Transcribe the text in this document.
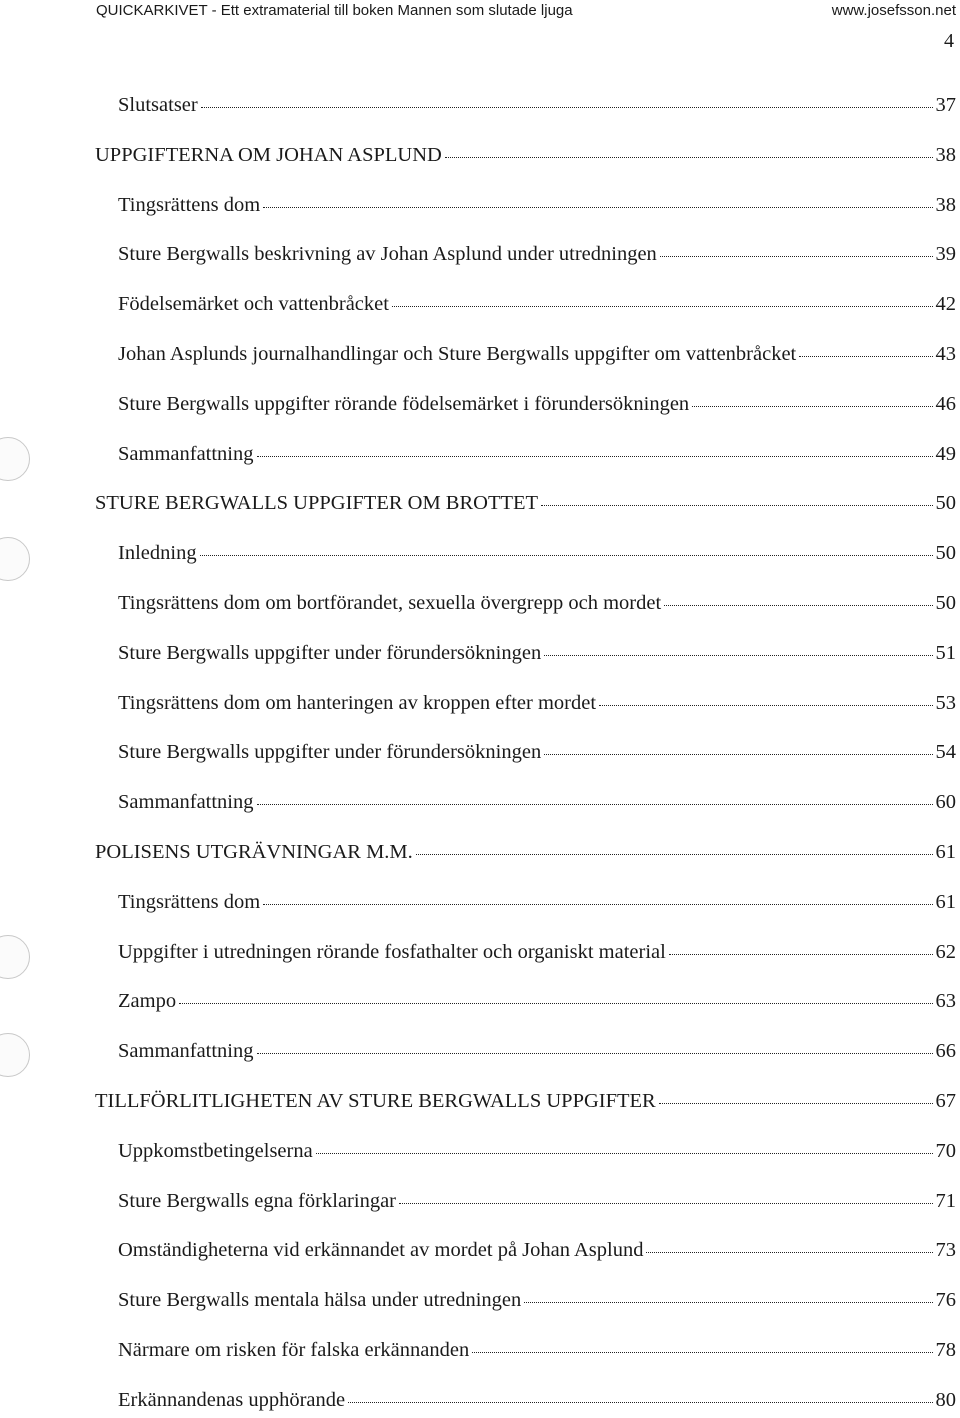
QUICKARKIVET - Ett extramaterial till boken Mannen som slutade ljuga	www.josefsson.net
4
Slutsatser	37
UPPGIFTERNA OM JOHAN ASPLUND	38
Tingsrättens dom	38
Sture Bergwalls beskrivning av Johan Asplund under utredningen	39
Födelsemärket och vattenbråcket	42
Johan Asplunds journalhandlingar och Sture Bergwalls uppgifter om vattenbråcket	43
Sture Bergwalls uppgifter rörande födelsemärket i förundersökningen	46
Sammanfattning	49
STURE BERGWALLS UPPGIFTER OM BROTTET	50
Inledning	50
Tingsrättens dom om bortförandet, sexuella övergrepp och mordet	50
Sture Bergwalls uppgifter under förundersökningen	51
Tingsrättens dom om hanteringen av kroppen efter mordet	53
Sture Bergwalls uppgifter under förundersökningen	54
Sammanfattning	60
POLISENS UTGRÄVNINGAR M.M.	61
Tingsrättens dom	61
Uppgifter i utredningen rörande fosfathalter och organiskt material	62
Zampo	63
Sammanfattning	66
TILLFÖRLITLIGHETEN AV STURE BERGWALLS UPPGIFTER	67
Uppkomstbetingelserna	70
Sture Bergwalls egna förklaringar	71
Omständigheterna vid erkännandet av mordet på Johan Asplund	73
Sture Bergwalls mentala hälsa under utredningen	76
Närmare om risken för falska erkännanden	78
Erkännandenas upphörande	80
